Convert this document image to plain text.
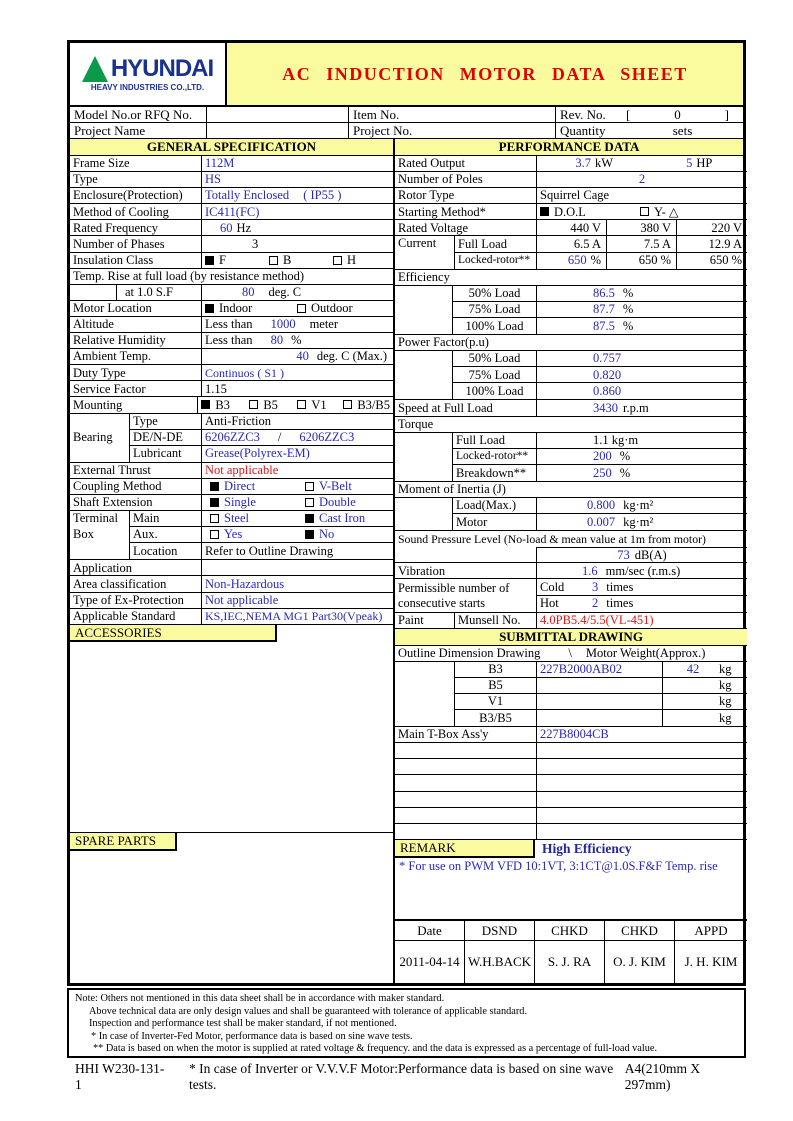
HYUNDAI
HEAVY INDUSTRIES CO.,LTD.
AC INDUCTION MOTOR DATA SHEET
Model No.or RFQ No.	Item No.	Rev. No.	[	0	]
Project Name	Project No.	Quantity	sets
GENERAL SPECIFICATION	PERFORMANCE DATA
Frame Size	112M
Type	HS
Enclosure(Protection)	Totally Enclosed ( IP55 )
Method of Cooling	IC411(FC)
Rated Frequency	60 Hz
Number of Phases	3
Insulation Class	F	B	H
Temp. Rise at full load (by resistance method)
at 1.0 S.F	80 deg. C
Motor Location	Indoor	Outdoor
Altitude	Less than 1000 meter
Relative Humidity	Less than 80 %
Ambient Temp.	40 deg. C (Max.)
Duty Type	Continuos ( S1 )
Service Factor	1.15
Mounting	B3	B5	V1 B3/B5
Bearing
Type	Anti-Friction
DE/N-DE	6206ZZC3 / 6206ZZC3
Lubricant	Grease(Polyrex-EM)
External Thrust	Not applicable
Coupling Method	Direct	V-Belt
Shaft Extension	Single	Double
Terminal
Box
Main	Steel	Cast Iron
Aux.	Yes	No
Location	Refer to Outline Drawing
Application
Area classification	Non-Hazardous
Type of Ex-Protection	Not applicable
Applicable Standard	KS,IEC,NEMA MG1 Part30(Vpeak)
ACCESSORIES
SPARE PARTS
Rated Output	3.7 kW	5 HP
Number of Poles	2
Rotor Type	Squirrel Cage
Starting Method*	D.O.L	Y- △
Rated Voltage	440 V	380 V	220 V
Current	Full Load	6.5 A	7.5 A	12.9 A
Locked-rotor**	650 %	650 %	650 %
Efficiency
50% Load	86.5 %
75% Load	87.7 %
100% Load	87.5 %
Power Factor(p.u)
50% Load	0.757
75% Load	0.820
100% Load	0.860
Speed at Full Load	3430 r.p.m
Torque
Full Load	1.1 kg·m
Locked-rotor**	200 %
Breakdown**	250 %
Moment of Inertia (J)
Load(Max.)	0.800 kg·m²
Motor	0.007 kg·m²
Sound Pressure Level (No-load & mean value at 1m from motor)
73 dB(A)
Vibration	1.6 mm/sec (r.m.s)
Permissible number of
consecutive starts
Cold	3 times
Hot	2 times
Paint	Munsell No.	4.0PB5.4/5.5(VL-451)
SUBMITTAL DRAWING
Outline Dimension Drawing \ Motor Weight(Approx.)
B3	227B2000AB02	42	kg
B5	kg
V1	kg
B3/B5	kg
Main T-Box Ass'y	227B8004CB
REMARK	High Efficiency
* For use on PWM VFD 10:1VT, 3:1CT@1.0S.F&F Temp. rise
Date	DSND	CHKD	CHKD	APPD
2011-04-14 W.H.BACK	S. J. RA	O. J. KIM	J. H. KIM
Note: Others not mentioned in this data sheet shall be in accordance with maker standard.
Above technical data are only design values and shall be guaranteed with tolerance of applicable standard.
Inspection and performance test shall be maker standard, if not mentioned.
* In case of Inverter-Fed Motor, performance data is based on sine wave tests.
** Data is based on when the motor is supplied at rated voltage & frequency. and the data is expressed as a percentage of full-load value.
HHI W230-131-1
* In case of Inverter or V.V.V.F Motor:Performance data is based on sine wave tests.
A4(210mm X 297mm)
